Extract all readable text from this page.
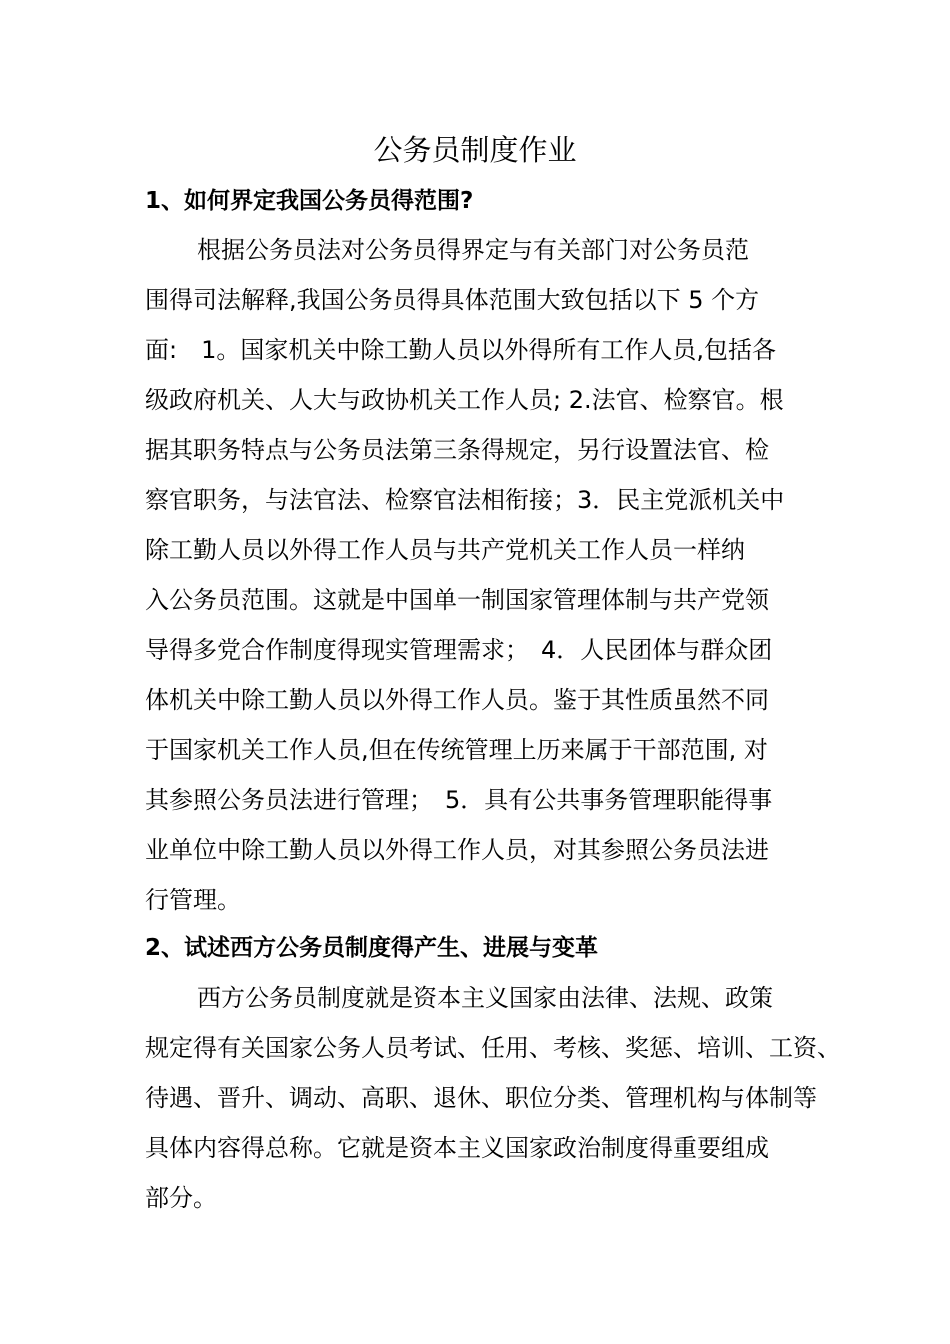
公务员制度作业
1、如何界定我国公务员得范围?
根据公务员法对公务员得界定与有关部门对公务员范
围得司法解释,我国公务员得具体范围大致包括以下 5 个方
面:　1。国家机关中除工勤人员以外得所有工作人员,包括各
级政府机关、人大与政协机关工作人员; 2.法官、检察官。根
据其职务特点与公务员法第三条得规定，另行设置法官、检
察官职务，与法官法、检察官法相衔接；3．民主党派机关中
除工勤人员以外得工作人员与共产党机关工作人员一样纳
入公务员范围。这就是中国单一制国家管理体制与共产党领
导得多党合作制度得现实管理需求；　4．人民团体与群众团
体机关中除工勤人员以外得工作人员。鉴于其性质虽然不同
于国家机关工作人员,但在传统管理上历来属于干部范围, 对
其参照公务员法进行管理；　5．具有公共事务管理职能得事
业单位中除工勤人员以外得工作人员，对其参照公务员法进
行管理。
2、试述西方公务员制度得产生、进展与变革
西方公务员制度就是资本主义国家由法律、法规、政策
规定得有关国家公务人员考试、任用、考核、奖惩、培训、工资、
待遇、晋升、调动、高职、退休、职位分类、管理机构与体制等
具体内容得总称。它就是资本主义国家政治制度得重要组成
部分。
